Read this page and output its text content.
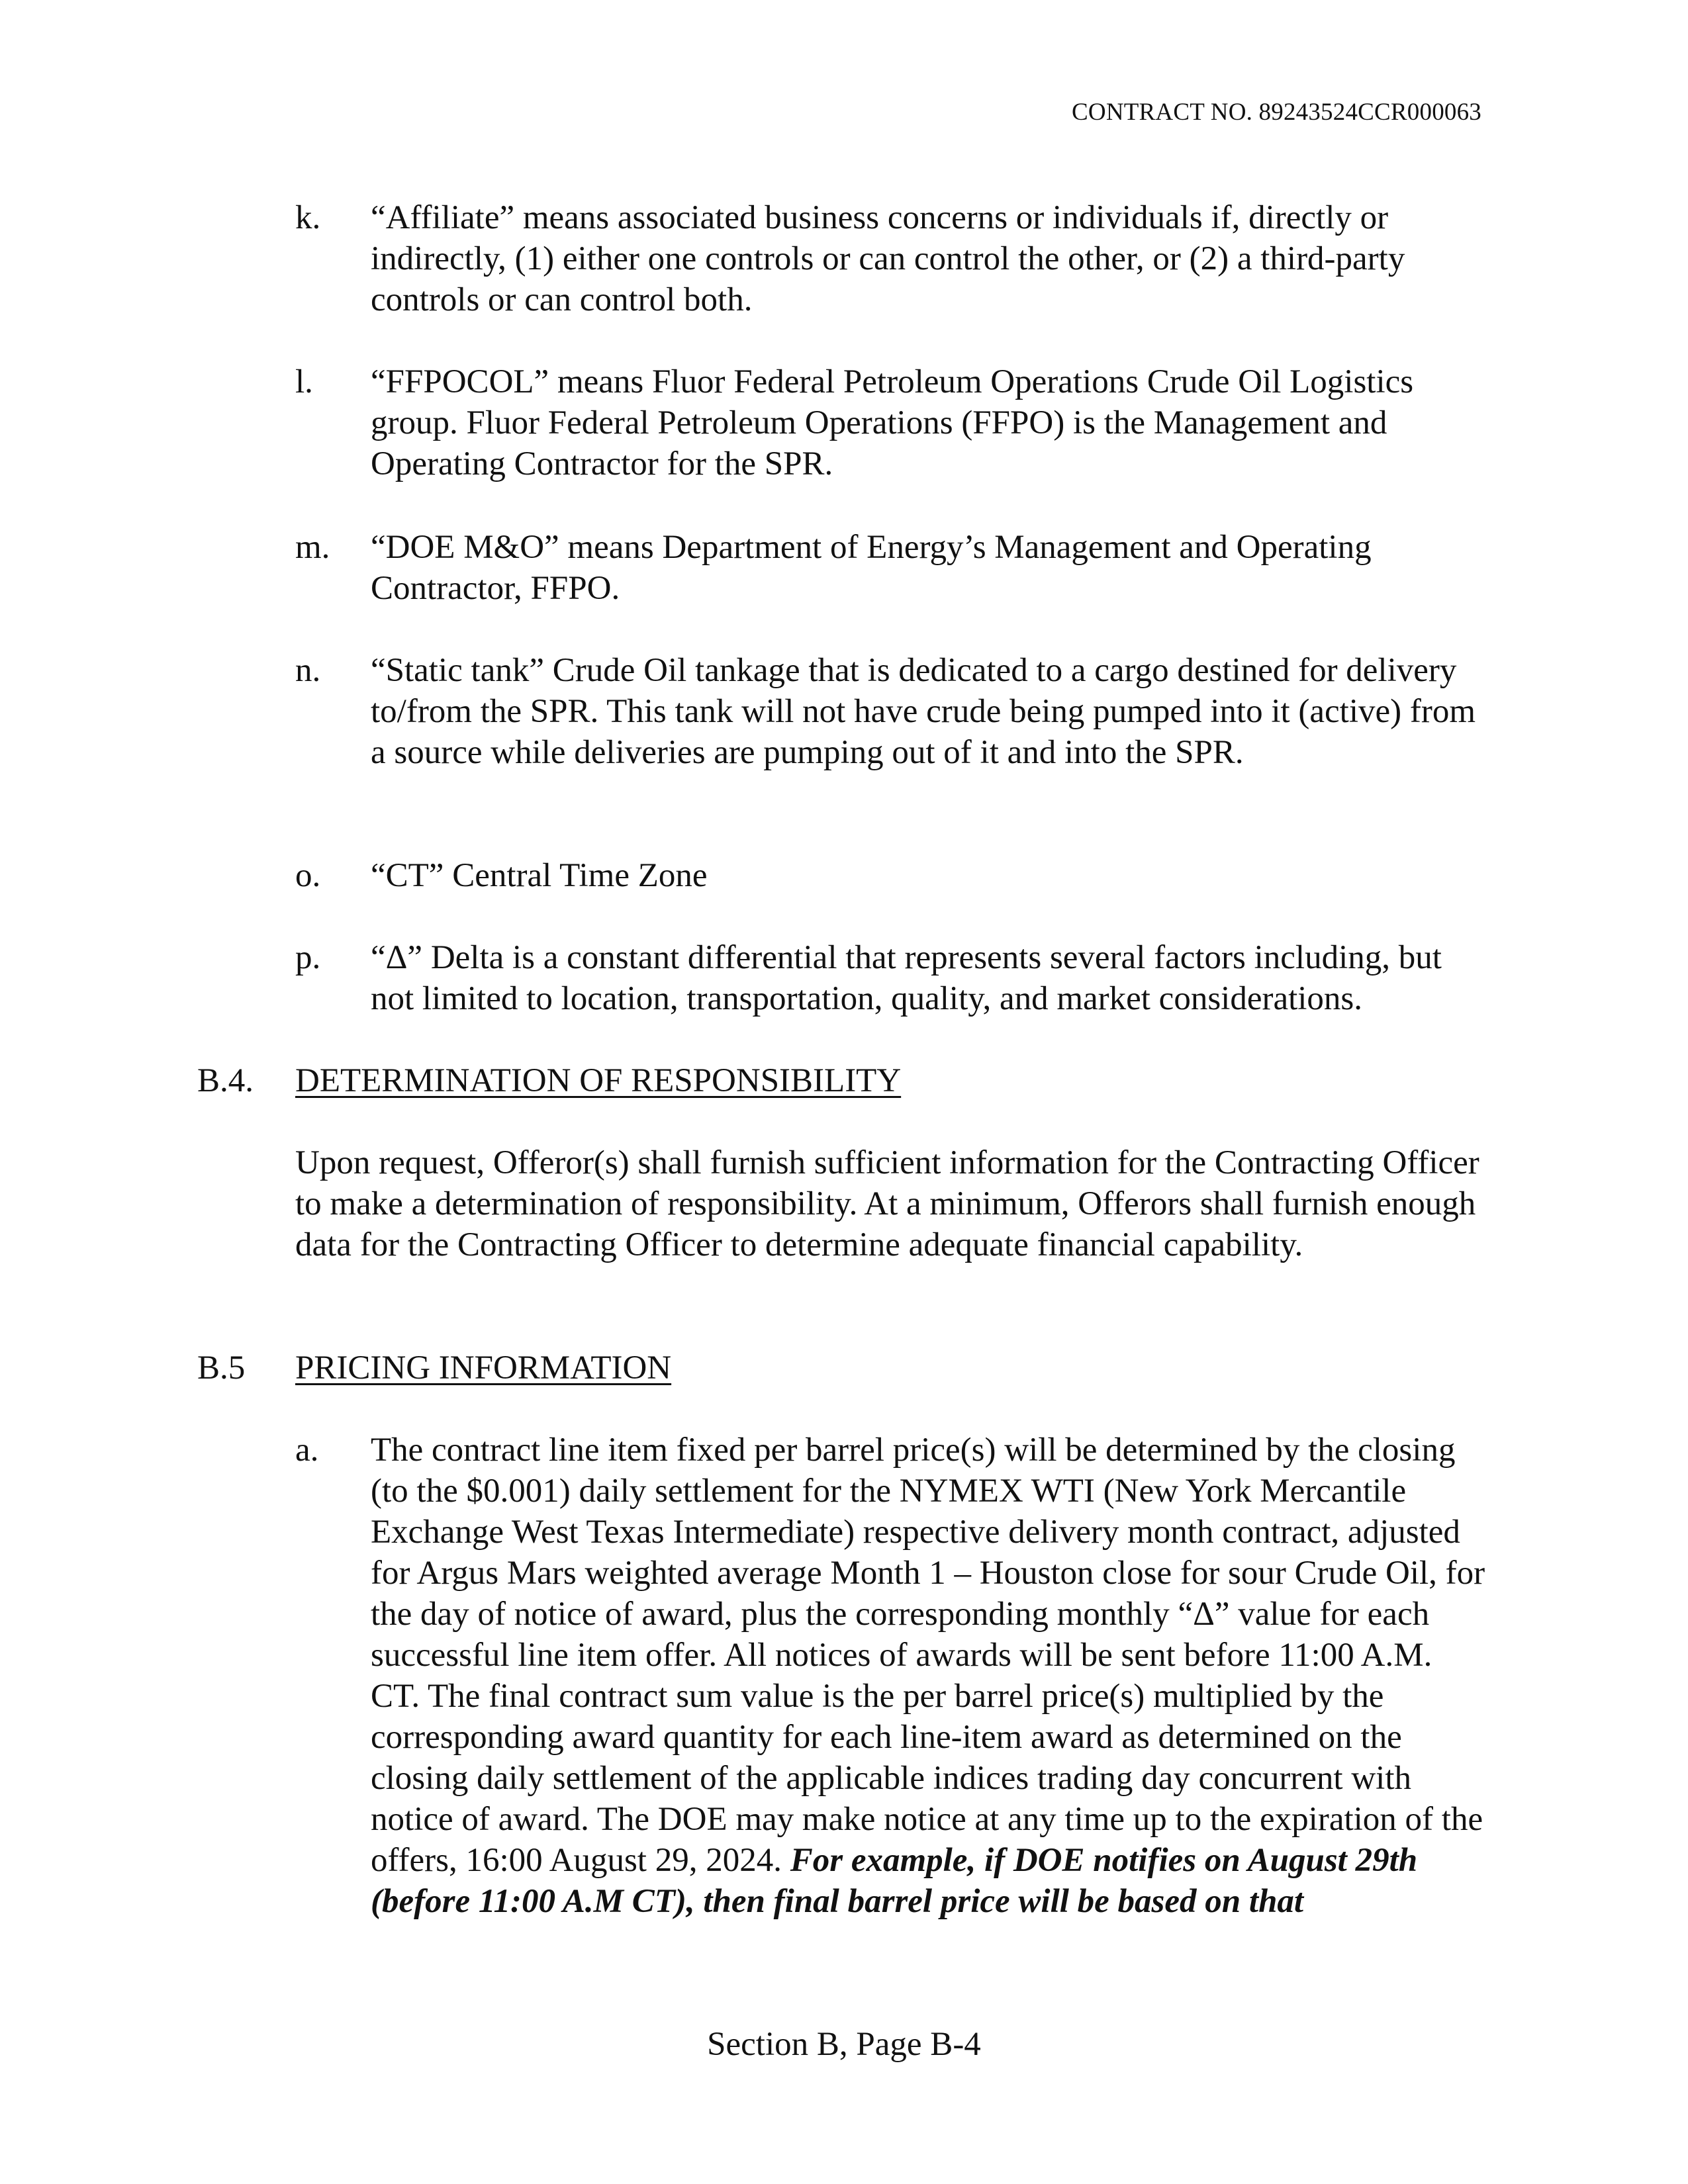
CONTRACT NO. 89243524CCR000063
k. “Affiliate” means associated business concerns or individuals if, directly or indirectly, (1) either one controls or can control the other, or (2) a third-party controls or can control both.
l. “FFPOCOL” means Fluor Federal Petroleum Operations Crude Oil Logistics group. Fluor Federal Petroleum Operations (FFPO) is the Management and Operating Contractor for the SPR.
m. “DOE M&O” means Department of Energy’s Management and Operating Contractor, FFPO.
n. “Static tank” Crude Oil tankage that is dedicated to a cargo destined for delivery to/from the SPR. This tank will not have crude being pumped into it (active) from a source while deliveries are pumping out of it and into the SPR.
o. “CT” Central Time Zone
p. “Δ” Delta is a constant differential that represents several factors including, but not limited to location, transportation, quality, and market considerations.
B.4. DETERMINATION OF RESPONSIBILITY
Upon request, Offeror(s) shall furnish sufficient information for the Contracting Officer to make a determination of responsibility. At a minimum, Offerors shall furnish enough data for the Contracting Officer to determine adequate financial capability.
B.5 PRICING INFORMATION
a. The contract line item fixed per barrel price(s) will be determined by the closing (to the $0.001) daily settlement for the NYMEX WTI (New York Mercantile Exchange West Texas Intermediate) respective delivery month contract, adjusted for Argus Mars weighted average Month 1 – Houston close for sour Crude Oil, for the day of notice of award, plus the corresponding monthly “Δ” value for each successful line item offer. All notices of awards will be sent before 11:00 A.M. CT. The final contract sum value is the per barrel price(s) multiplied by the corresponding award quantity for each line-item award as determined on the closing daily settlement of the applicable indices trading day concurrent with notice of award. The DOE may make notice at any time up to the expiration of the offers, 16:00 August 29, 2024. For example, if DOE notifies on August 29th (before 11:00 A.M CT), then final barrel price will be based on that
Section B, Page B-4
